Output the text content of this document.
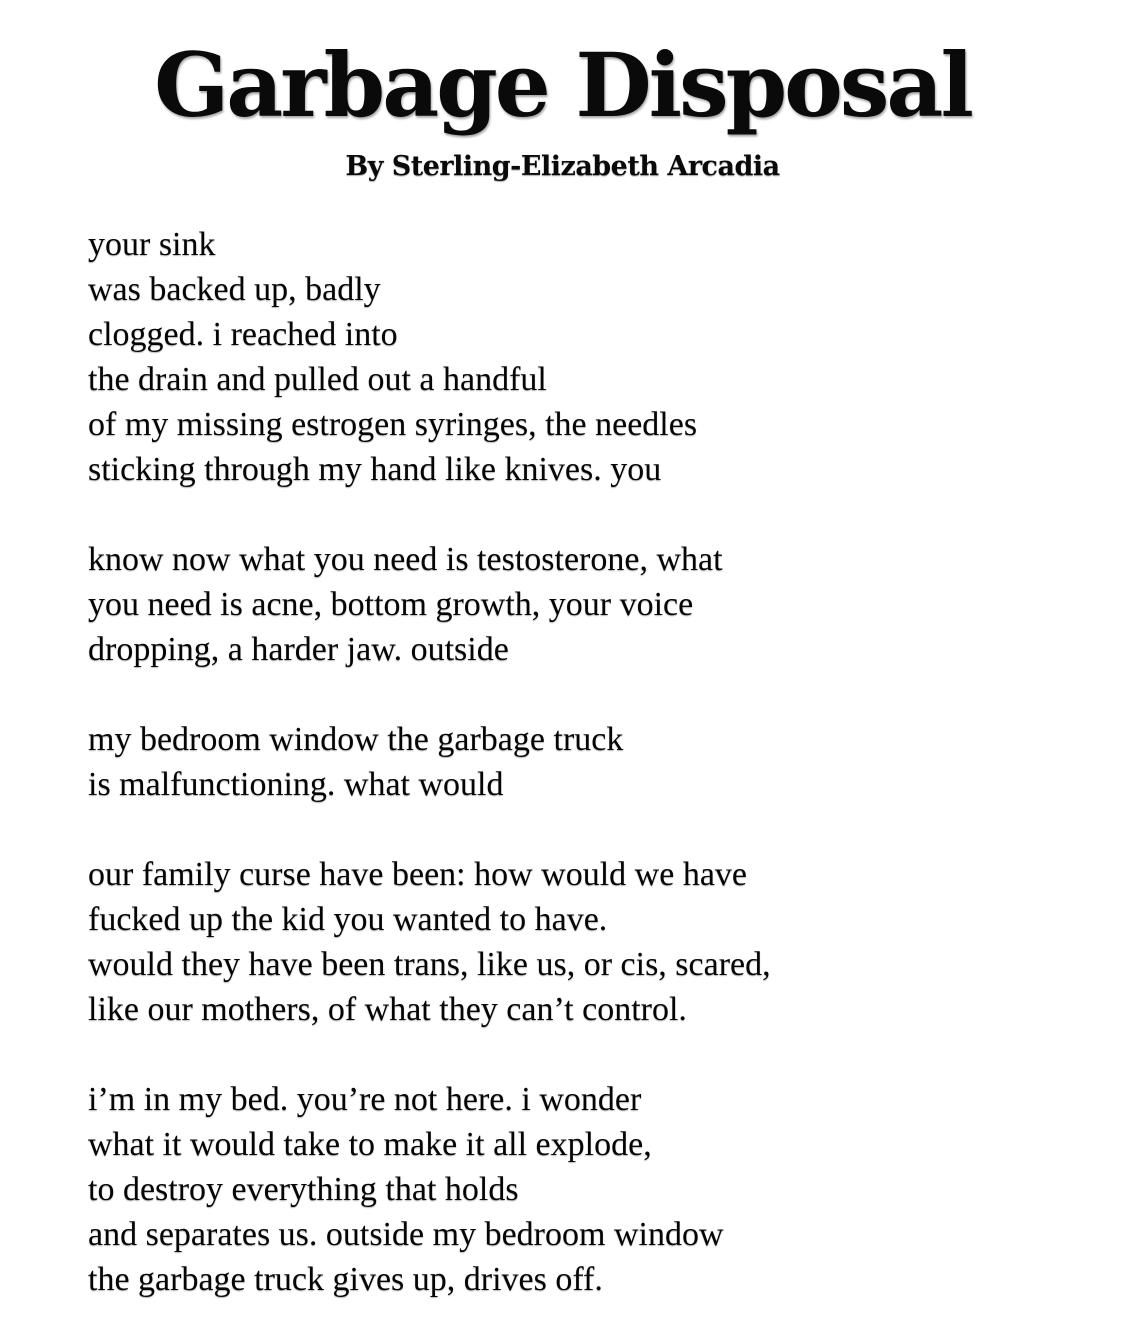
Garbage Disposal
By Sterling-Elizabeth Arcadia

your sink

was backed up, badly

clogged. i reached into

the drain and pulled out a handful

of my missing estrogen syringes, the needles

sticking through my hand like knives. you

know now what you need is testosterone, what

you need is acne, bottom growth, your voice

dropping, a harder jaw. outside

my bedroom window the garbage truck

is malfunctioning. what would

our family curse have been: how would we have

fucked up the kid you wanted to have.

would they have been trans, like us, or cis, scared,

like our mothers, of what they can’t control.

i’m in my bed. you’re not here. i wonder

what it would take to make it all explode,

to destroy everything that holds

and separates us. outside my bedroom window

the garbage truck gives up, drives off.
